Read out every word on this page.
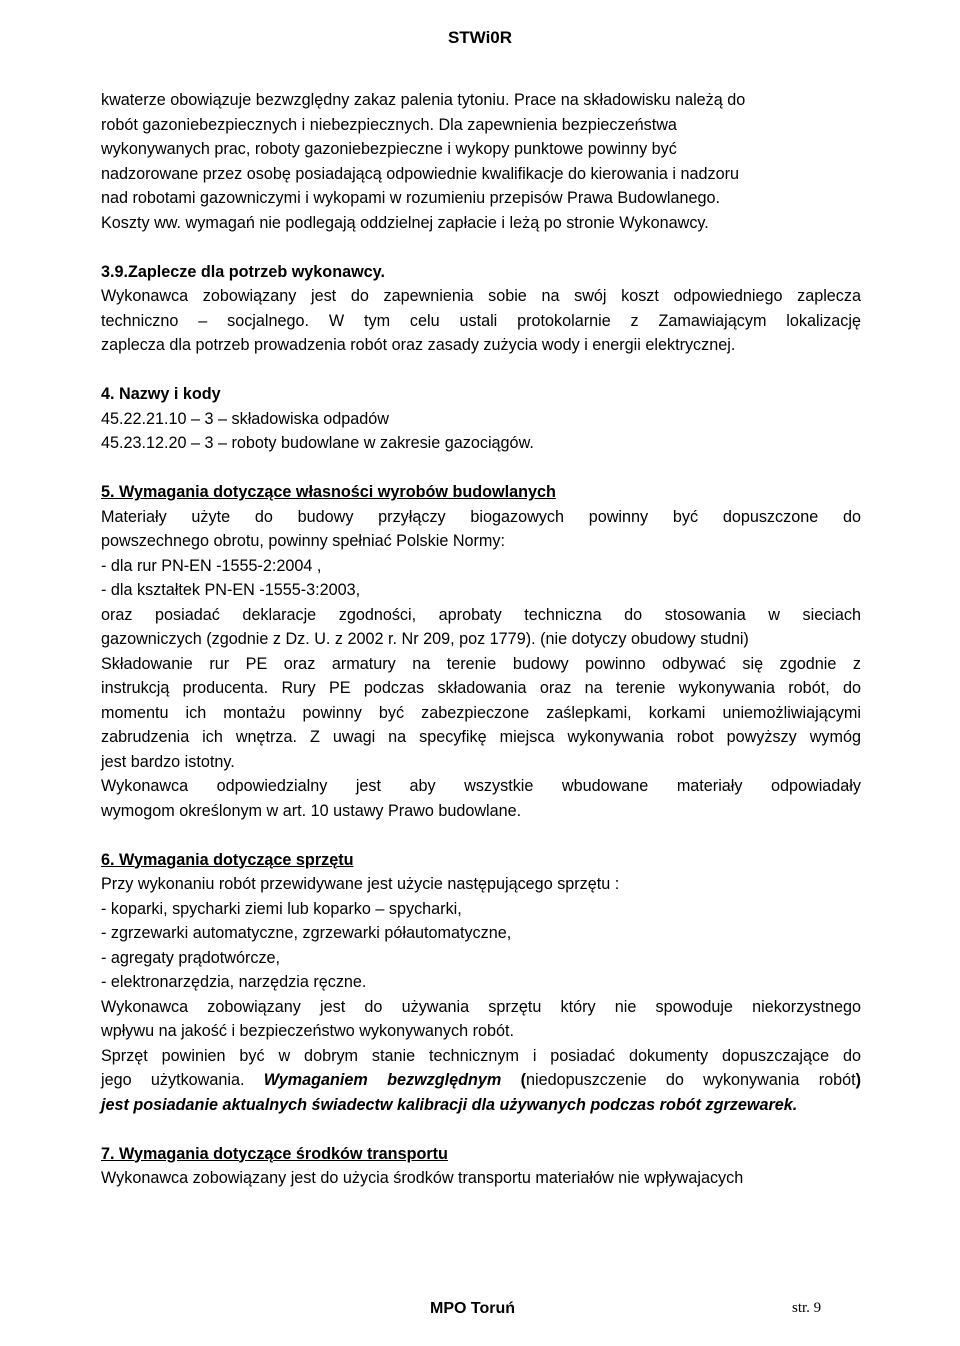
STWi0R
kwaterze obowiązuje bezwzględny zakaz palenia tytoniu. Prace na składowisku należą do
robót gazoniebezpiecznych i niebezpiecznych. Dla zapewnienia bezpieczeństwa
wykonywanych prac, roboty gazoniebezpieczne i wykopy punktowe powinny być
nadzorowane przez osobę posiadającą odpowiednie kwalifikacje do kierowania i nadzoru
nad robotami gazowniczymi i wykopami w rozumieniu przepisów Prawa Budowlanego.
Koszty ww. wymagań nie podlegają oddzielnej zapłacie i leżą po stronie Wykonawcy.
3.9.Zaplecze dla potrzeb wykonawcy.
Wykonawca zobowiązany jest do zapewnienia sobie na swój koszt odpowiedniego zaplecza
techniczno – socjalnego. W tym celu ustali protokolarnie z Zamawiającym lokalizację
zaplecza dla potrzeb prowadzenia robót oraz zasady zużycia wody i energii elektrycznej.
4. Nazwy i kody
45.22.21.10 – 3 – składowiska odpadów
45.23.12.20 – 3 – roboty budowlane w zakresie gazociągów.
5. Wymagania dotyczące własności wyrobów budowlanych
Materiały użyte do budowy przyłączy biogazowych powinny być dopuszczone do
powszechnego obrotu, powinny spełniać Polskie Normy:
- dla rur PN-EN -1555-2:2004 ,
- dla kształtek PN-EN -1555-3:2003,
oraz posiadać deklaracje zgodności, aprobaty techniczna do stosowania w sieciach
gazowniczych (zgodnie z Dz. U. z 2002 r. Nr 209, poz 1779). (nie dotyczy obudowy studni)
Składowanie rur PE oraz armatury na terenie budowy powinno odbywać się zgodnie z
instrukcją producenta. Rury PE podczas składowania oraz na terenie wykonywania robót, do
momentu ich montażu powinny być zabezpieczone zaślepkami, korkami uniemożliwiającymi
zabrudzenia ich wnętrza. Z uwagi na specyfikę miejsca wykonywania robot powyższy wymóg
jest bardzo istotny.
Wykonawca odpowiedzialny jest aby wszystkie wbudowane materiały odpowiadały
wymogom określonym w art. 10 ustawy Prawo budowlane.
6. Wymagania dotyczące sprzętu
Przy wykonaniu robót przewidywane jest użycie następującego sprzętu :
- koparki, spycharki ziemi lub koparko – spycharki,
- zgrzewarki automatyczne, zgrzewarki półautomatyczne,
- agregaty prądotwórcze,
- elektronarzędzia, narzędzia ręczne.
Wykonawca zobowiązany jest do używania sprzętu który nie spowoduje niekorzystnego
wpływu na jakość i bezpieczeństwo wykonywanych robót.
Sprzęt powinien być w dobrym stanie technicznym i posiadać dokumenty dopuszczające do
jego użytkowania. Wymaganiem bezwzględnym (niedopuszczenie do wykonywania robót)
jest posiadanie aktualnych świadectw kalibracji dla używanych podczas robót zgrzewarek.
7. Wymagania dotyczące środków transportu
Wykonawca zobowiązany jest do użycia środków transportu materiałów nie wpływajacych
MPO Toruń	str. 9
